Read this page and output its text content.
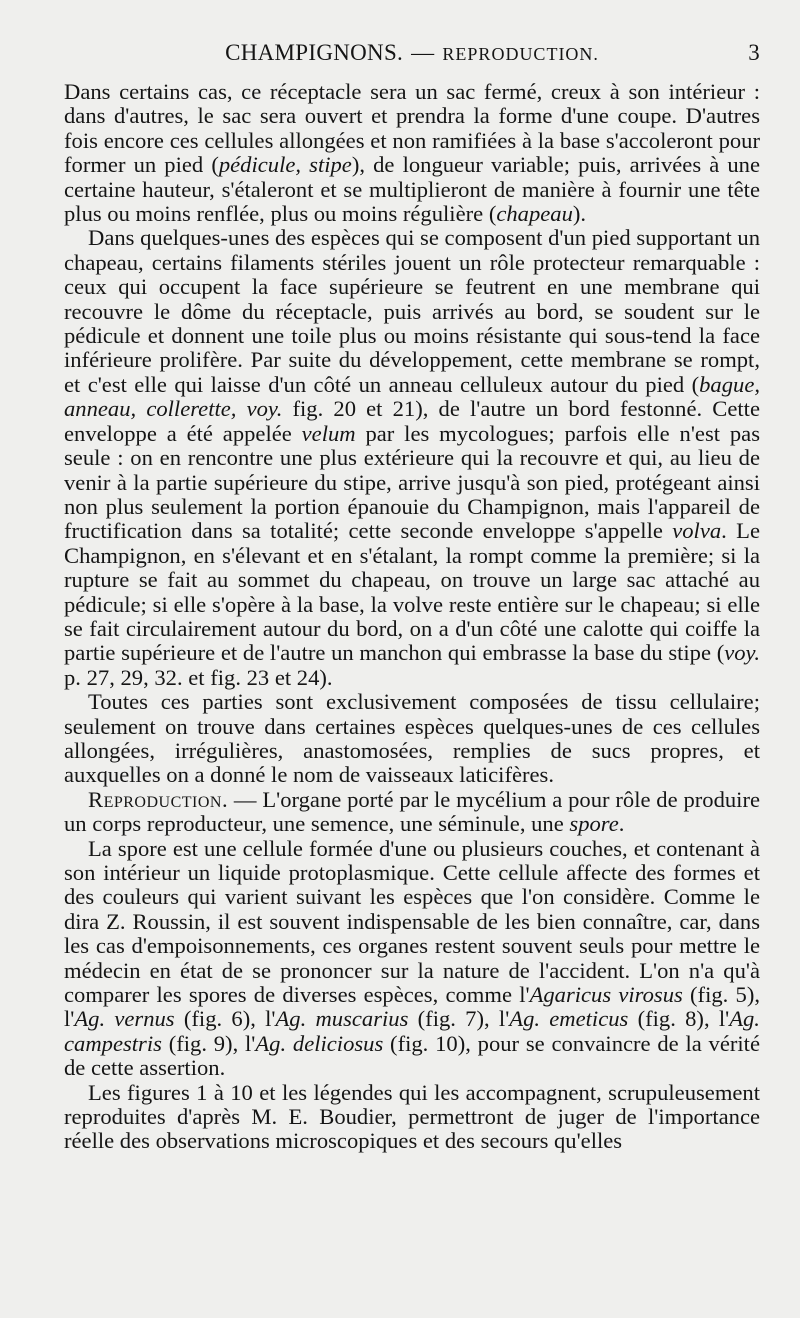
CHAMPIGNONS. — REPRODUCTION.	3

Dans certains cas, ce réceptacle sera un sac fermé, creux à son intérieur : dans d'autres, le sac sera ouvert et prendra la forme d'une coupe. D'autres fois encore ces cellules allongées et non ramifiées à la base s'accoleront pour former un pied (pédicule, stipe), de longueur variable; puis, arrivées à une certaine hauteur, s'étaleront et se multiplieront de manière à fournir une tête plus ou moins renflée, plus ou moins régulière (chapeau).

Dans quelques-unes des espèces qui se composent d'un pied supportant un chapeau, certains filaments stériles jouent un rôle protecteur remarquable : ceux qui occupent la face supérieure se feutrent en une membrane qui recouvre le dôme du réceptacle, puis arrivés au bord, se soudent sur le pédicule et donnent une toile plus ou moins résistante qui sous-tend la face inférieure prolifère. Par suite du développement, cette membrane se rompt, et c'est elle qui laisse d'un côté un anneau celluleux autour du pied (bague, anneau, collerette, voy. fig. 20 et 21), de l'autre un bord festonné. Cette enveloppe a été appelée velum par les mycologues; parfois elle n'est pas seule : on en rencontre une plus extérieure qui la recouvre et qui, au lieu de venir à la partie supérieure du stipe, arrive jusqu'à son pied, protégeant ainsi non plus seulement la portion épanouie du Champignon, mais l'appareil de fructification dans sa totalité; cette seconde enveloppe s'appelle volva. Le Champignon, en s'élevant et en s'étalant, la rompt comme la première; si la rupture se fait au sommet du chapeau, on trouve un large sac attaché au pédicule; si elle s'opère à la base, la volve reste entière sur le chapeau; si elle se fait circulairement autour du bord, on a d'un côté une calotte qui coiffe la partie supérieure et de l'autre un manchon qui embrasse la base du stipe (voy. p. 27, 29, 32. et fig. 23 et 24).

Toutes ces parties sont exclusivement composées de tissu cellulaire; seulement on trouve dans certaines espèces quelques-unes de ces cellules allongées, irrégulières, anastomosées, remplies de sucs propres, et auxquelles on a donné le nom de vaisseaux laticifères.

Reproduction. — L'organe porté par le mycélium a pour rôle de produire un corps reproducteur, une semence, une séminule, une spore.

La spore est une cellule formée d'une ou plusieurs couches, et contenant à son intérieur un liquide protoplasmique. Cette cellule affecte des formes et des couleurs qui varient suivant les espèces que l'on considère. Comme le dira Z. Roussin, il est souvent indispensable de les bien connaître, car, dans les cas d'empoisonnements, ces organes restent souvent seuls pour mettre le médecin en état de se prononcer sur la nature de l'accident. L'on n'a qu'à comparer les spores de diverses espèces, comme l'Agaricus virosus (fig. 5), l'Ag. vernus (fig. 6), l'Ag. muscarius (fig. 7), l'Ag. emeticus (fig. 8), l'Ag. campestris (fig. 9), l'Ag. deliciosus (fig. 10), pour se convaincre de la vérité de cette assertion.

Les figures 1 à 10 et les légendes qui les accompagnent, scrupuleusement reproduites d'après M. E. Boudier, permettront de juger de l'importance réelle des observations microscopiques et des secours qu'elles
